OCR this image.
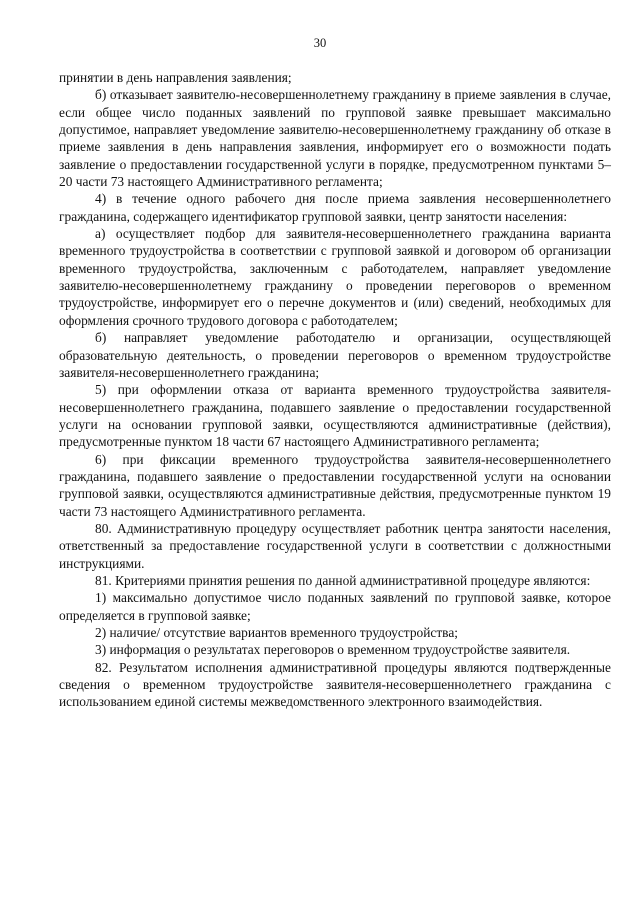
30

принятии в день направления заявления;

б) отказывает заявителю-несовершеннолетнему гражданину в приеме заявления в случае, если общее число поданных заявлений по групповой заявке превышает максимально допустимое, направляет уведомление заявителю-несовершеннолетнему гражданину об отказе в приеме заявления в день направления заявления, информирует его о возможности подать заявление о предоставлении государственной услуги в порядке, предусмотренном пунктами 5–20 части 73 настоящего Административного регламента;

4) в течение одного рабочего дня после приема заявления несовершеннолетнего гражданина, содержащего идентификатор групповой заявки, центр занятости населения:

а) осуществляет подбор для заявителя-несовершеннолетнего гражданина варианта временного трудоустройства в соответствии с групповой заявкой и договором об организации временного трудоустройства, заключенным с работодателем, направляет уведомление заявителю-несовершеннолетнему гражданину о проведении переговоров о временном трудоустройстве, информирует его о перечне документов и (или) сведений, необходимых для оформления срочного трудового договора с работодателем;

б) направляет уведомление работодателю и организации, осуществляющей образовательную деятельность, о проведении переговоров о временном трудоустройстве заявителя-несовершеннолетнего гражданина;

5) при оформлении отказа от варианта временного трудоустройства заявителя-несовершеннолетнего гражданина, подавшего заявление о предоставлении государственной услуги на основании групповой заявки, осуществляются административные (действия), предусмотренные пунктом 18 части 67 настоящего Административного регламента;

6) при фиксации временного трудоустройства заявителя-несовершеннолетнего гражданина, подавшего заявление о предоставлении государственной услуги на основании групповой заявки, осуществляются административные действия, предусмотренные пунктом 19 части 73 настоящего Административного регламента.

80. Административную процедуру осуществляет работник центра занятости населения, ответственный за предоставление государственной услуги в соответствии с должностными инструкциями.

81. Критериями принятия решения по данной административной процедуре являются:

1) максимально допустимое число поданных заявлений по групповой заявке, которое определяется в групповой заявке;

2) наличие/ отсутствие вариантов временного трудоустройства;

3) информация о результатах переговоров о временном трудоустройстве заявителя.

82. Результатом исполнения административной процедуры являются подтвержденные сведения о временном трудоустройстве заявителя-несовершеннолетнего гражданина с использованием единой системы межведомственного электронного взаимодействия.
